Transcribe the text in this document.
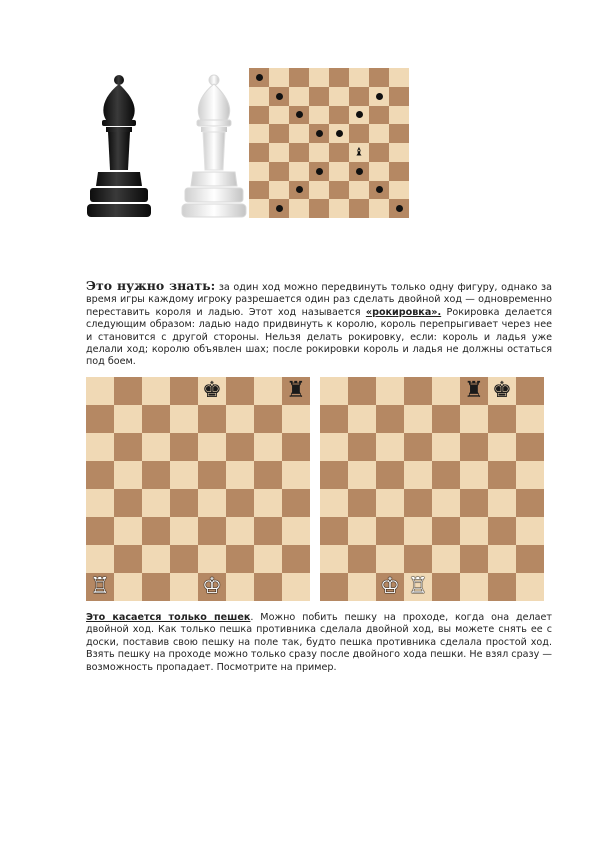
♝
Это нужно знать: за один ход можно передвинуть только одну фигуру, однако за время игры каждому игроку разрешается один раз сделать двойной ход — одновременно переставить короля и ладью. Этот ход называется «рокировка». Рокировка делается следующим образом: ладью надо придвинуть к королю, король перепрыгивает через нее и становится с другой стороны. Нельзя делать рокировку, если: король и ладья уже делали ход; королю объявлен шах; после рокировки король и ладья не должны остаться под боем.
♚	♜
♖	♔
♜ ♚
♔ ♖
Это касается только пешек. Можно побить пешку на проходе, когда она делает двойной ход. Как только пешка противника сделала двойной ход, вы можете снять ее с доски, поставив свою пешку на поле так, будто пешка противника сделала простой ход. Взять пешку на проходе можно только сразу после двойного хода пешки. Не взял сразу — возможность пропадает. Посмотрите на пример.
